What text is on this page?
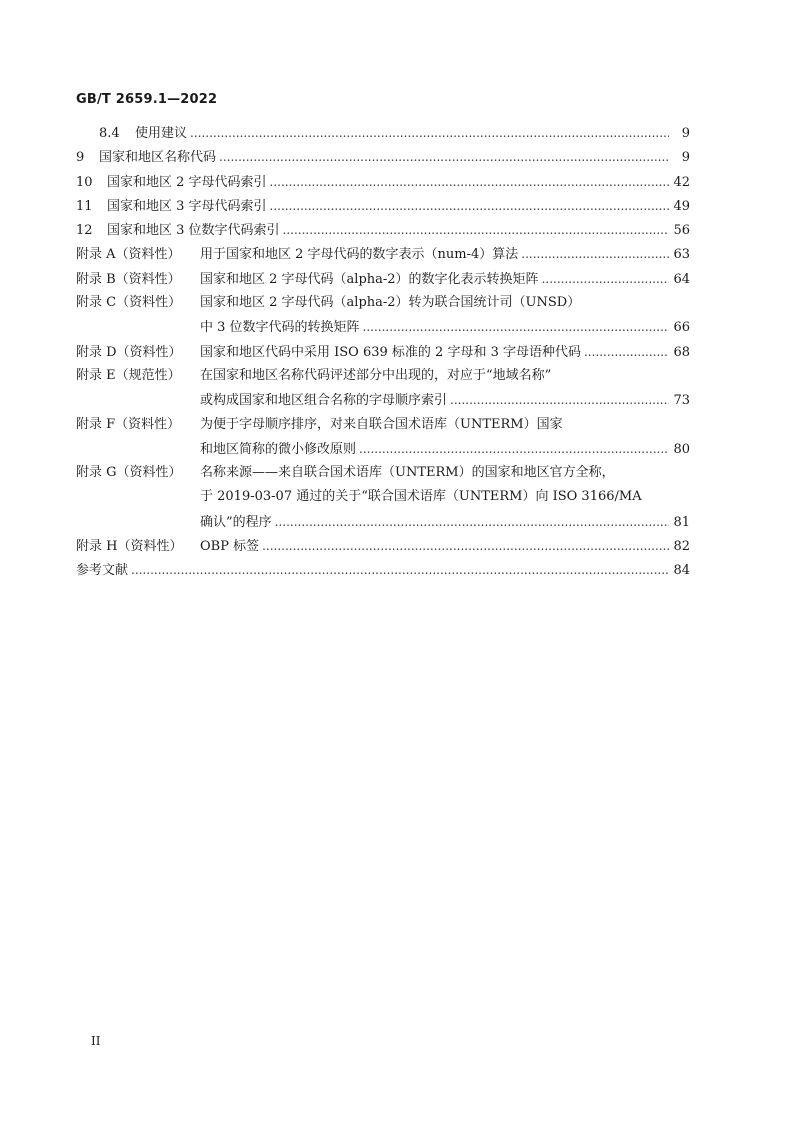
GB/T 2659.1—2022
8.4	使用建议 .....	9
9	国家和地区名称代码 .....	9
10	国家和地区 2 字母代码索引 .....	42
11	国家和地区 3 字母代码索引 .....	49
12	国家和地区 3 位数字代码索引 .....	56
附录 A（资料性）	用于国家和地区 2 字母代码的数字表示（num-4）算法 .....	63
附录 B（资料性）	国家和地区 2 字母代码（alpha-2）的数字化表示转换矩阵 .....	64
附录 C（资料性）	国家和地区 2 字母代码（alpha-2）转为联合国统计司（UNSD）
中 3 位数字代码的转换矩阵 .....	66
附录 D（资料性）	国家和地区代码中采用 ISO 639 标准的 2 字母和 3 字母语种代码 .....	68
附录 E（规范性）	在国家和地区名称代码评述部分中出现的，对应于“地域名称”
或构成国家和地区组合名称的字母顺序索引 .....	73
附录 F（资料性）	为便于字母顺序排序，对来自联合国术语库（UNTERM）国家
和地区简称的微小修改原则 .....	80
附录 G（资料性）	名称来源——来自联合国术语库（UNTERM）的国家和地区官方全称，
于 2019-03-07 通过的关于“联合国术语库（UNTERM）向 ISO 3166/MA
确认”的程序 .....	81
附录 H（资料性）	OBP 标签 .....	82
参考文献 .....	84
II
